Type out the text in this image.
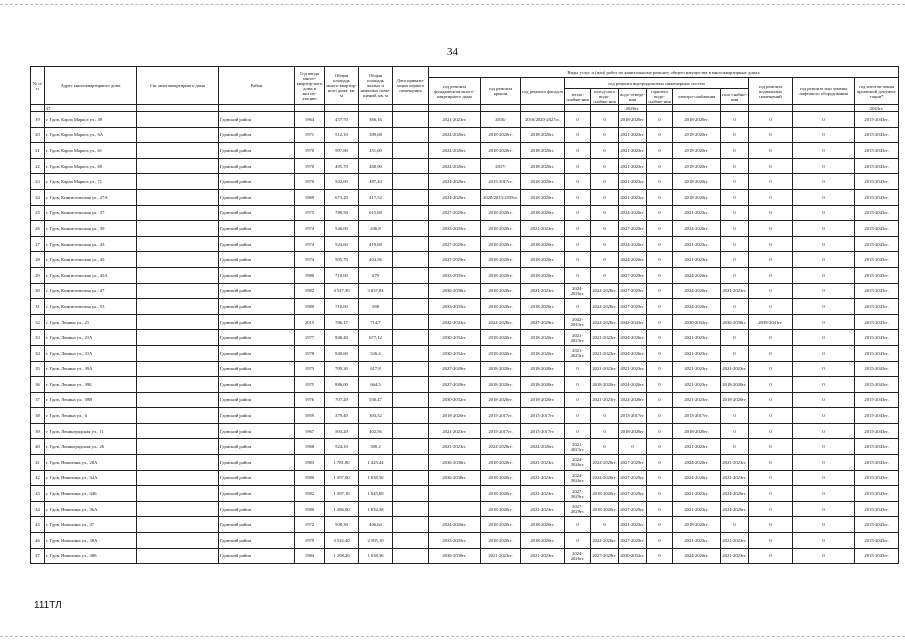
34
№ п/п	Адрес многоквартирного дома	Гис многоквартирного дома	Район	Год ввода много-квартир-ного дома в эксплу-атацию	Общая площадь много-квартир-ного дома, кв. м	Общая площадь жилых и нежилых поме-щений, кв. м	Дата привати-зации первого помещения	Виды услуг и (или) работ по капитальному ремонту общего имущества в многоквартирных домах											
								год ремонта фундаментов много-квартирного дома	год ремонта крыши	год ремонта фасадов	год ремонта внутридомовых инженерных систем						год ремонта подвальных помещений	год ремонта или замены лифтового оборудования	год изготов-ления проектной докумен-тации*
											тепло-снабже-ния	холод-ного водо-снабже-ния	водо-отведе-ния	горячего водо-снабже-ния	электро-снабжения	газо-снабже-ния			
	47												2020гг.						2043гг.
19	г. Гдов, Карла Маркса ул., 49		Гдовский район	1964	457,70	366,16		2021-2023гг.	2016/	2016/2020-2027гг.	0	0	2018-2020гг.	0	2018-2020гг.	0	0	0	2015-2043гг.
20	г. Гдов, Карла Маркса ул., 6А		Гдовский район	1971	512,10	309,68		2024-2026гг.	2018-2020гг.	2018-2020гг.	0	0	2021-2023гг.	0	2018-2020гг.	0	0	0	2015-2043гг.
21	г. Гдов, Карла Маркса ул., 61		Гдовский район	1970	507,80	451,60		2024-2026гг.	2018-2020гг.	2018-2020гг.	0	0	2021-2023гг.	0	2018-2020гг.	0	0	0	2015-2043гг.
22	г. Гдов, Карла Маркса ул., 69		Гдовский район	1970	495,70	468,90		2024-2026гг.	2017/	2018-2020гг.	0	0	2021-2023гг.	0	2018-2020гг.	0	0	0	2015-2043гг.
23	г. Гдов, Карла Маркса ул., 71		Гдовский район	1970	502,00	487,43		2024-2026гг.	2015-2017гг.	2018-2020гг.	0	0	2021-2023гг.	0	2018-2020гг.	0	0	0	2015-2043гг.
24	г. Гдов, Кингисеппская ул., 27А		Гдовский район	1969	673,20	417,52		2024-2026гг.	2020/2033-2035гг.	2018-2020гг.	0	0	2021-2023гг.	0	2018-2020гг.	0	0	0	2015-2043гг.
25	г. Гдов, Кингисеппская ул., 37		Гдовский район	1975	789,50	615,68		2027-2029гг.	2018-2020гг.	2018-2020гг.	0	0	2024-2026гг.	0	2021-2023гг.	0	0	0	2015-2043гг.
26	г. Гдов, Кингисеппская ул., 39		Гдовский район	1974	546,00	436,8		2033-2035гг.	2018-2020гг.	2021-2023гг.	0	0	2027-2029гг.	0	2024-2026гг.	0	0	0	2015-2043гг.
27	г. Гдов, Кингисеппская ул., 43		Гдовский район	1974	524,60	419,68		2027-2029гг.	2018-2020гг.	2018-2020гг.	0	0	2024-2026гг.	0	2021-2023гг.	0	0	0	2015-2043гг.
28	г. Гдов, Кингисеппская ул., 45		Гдовский район	1974	505,70	404,56		2027-2029гг.	2018-2020гг.	2018-2020гг.	0	0	2024-2026гг.	0	2021-2023гг.	0	0	0	2015-2043гг.
29	г. Гдов, Кингисеппская ул., 45А		Гдовский район	1980	710,00	679		2033-2035гг.	2018-2020гг.	2018-2020гг.	0	0	2027-2029гг.	0	2024-2026гг.	0	0	0	2015-2043гг.
30	г. Гдов, Кингисеппская ул., 47		Гдовский район	1982	4 547,30	3 637,84		2036-2038гг.	2018-2020гг.	2021-2023гг.	2024-2026гг.	2024-2026гг.	2027-2029гг.	0	2024-2026гг.	2021-2023гг.	0	0	2015-2043гг.
31	г. Гдов, Кингисеппская ул., 53		Гдовский район	1980	710,00	568		2033-2035гг.	2018-2020гг.	2018-2020гг.	0	2024-2026гг.	2027-2029гг.	0	2024-2026гг.	0	0	0	2015-2043гг.
32	г. Гдов, Ленина ул., 21		Гдовский район	2015	786,17	714,7		2042-2043гг.	2024-2026гг.	2027-2029гг.	2042-2043гг.	2024-2026гг.	2042-2043гг.	0	2030-2032гг.	2036-2038гг.	2039-2041гг.	0	2015-2043гг.
33	г. Гдов, Ленина ул., 21А		Гдовский район	1977	846,40	677,12		2030-2032гг.	2018-2020гг.	2018-2020гг.	2021-2023гг.	2021-2023гг.	2024-2026гг.	0	2021-2023гг.	0	0	0	2015-2043гг.
34	г. Гдов, Ленина ул., 31А		Гдовский район	1978	840,60	526,4		2030-2032гг.	2018-2020гг.	2018-2020гг.	2021-2023гг.	2021-2023гг.	2024-2026гг.	0	2021-2023гг.	0	0	0	2015-2043гг.
35	г. Гдов, Ленина ул., 39А		Гдовский район	1973	709,30	617,8		2027-2029гг.	2018-2020гг.	2018-2020гг.	0	2021-2023гг.	2021-2023гг.	0	2021-2023гг.	2021-2023гг.	0	0	2015-2043гг.
36	г. Гдов, Ленина ул., 39Б		Гдовский район	1975	886,00	664,5		2027-2029гг.	2018-2020гг.	2018-2020гг.	0	2018-2020гг.	2024-2026гг.	0	2021-2023гг.	2018-2020гг.	0	0	2015-2043гг.
37	г. Гдов, Ленина ул., 39В		Гдовский район	1976	707,20	530,47		2030-2032гг.	2018-2020гг.	2018-2020гг.	0	2021-2023гг.	2024-2026гг.	0	2021-2023гг.	2018-2020гг.	0	0	2015-2043гг.
38	г. Гдов, Ленина ул., 6		Гдовский район	1959	379,40	303,52		2018-2020гг.	2015-2017гг.	2015-2017гг.	0	0	2015-2017гг.	0	2015-2017гг.	0	0	0	2015-2043гг.
39	г. Гдов, Ленинградская ул., 11		Гдовский район	1967	503,20	402,56		2021-2023гг.	2015-2017гг.	2015-2017гг.	0	0	2018-2020гг.	0	2018-2020гг.	0	0	0	2015-2043гг.
40	г. Гдов, Ленинградская ул., 26		Гдовский район	1968	524,10	500,2		2021-2023гг.	2024-2026гг.	2024-2026гг.	2021-2023гг.	0	0	0	2021-2023гг.	0	0	0	2015-2043гг.
41	г. Гдов, Никитина ул., 28А		Гдовский район	1983	1 781,80	1 425,44		2036-2038гг.	2018-2020гг.	2021-2023гг.	2024-2026гг.	2024-2026гг.	2027-2029гг.	0	2024-2026гг.	2021-2023гг.	0	0	2015-2043гг.
42	г. Гдов, Никитина ул., 34А		Гдовский район	1980	1 297,00	1 038,56		2036-2038гг.	2018-2020гг.	2021-2023гг.	2024-2026гг.	2024-2026гг.	2027-2029гг.	0	2024-2026гг.	2021-2023гг.	0	0	2015-2043гг.
43	г. Гдов, Никитина ул., 34Б		Гдовский район	1982	1 307,10	1 045,68			2018-2020гг.	2021-2023гг.	2027-2029гг.	2018-2020гг.	2027-2029гг.	0	2021-2023гг.	2024-2026гг.	0	0	2015-2043гг.
44	г. Гдов, Никитина ул., 36А		Гдовский район	1980	1 286,00	1 032,38			2018-2020гг.	2021-2023гг.	2027-2029гг.	2018-2020гг.	2027-2029гг.	0	2021-2023гг.	2024-2026гг.	0	0	2015-2043гг.
45	г. Гдов, Никитина ул., 37		Гдовский район	1972	508,30	406,64		2024-2026гг.	2018-2020гг.	2018-2020гг.	0	0	2021-2023гг.	0	2018-2020гг.	0	0	0	2015-2043гг.
46	г. Гдов, Никитина ул., 38А		Гдовский район	1979	4 522,40	2 505,10		2033-2035гг.	2018-2020гг.	2018-2020гг.	0	2024-2026гг.	2027-2029гг.	0	2021-2023гг.	2021-2023гг.	0	0	2015-2043гг.
47	г. Гдов, Никитина ул., 38Б		Гдовский район	1984	1 298,20	1 038,56		2036-2038гг.	2021-2023гг.	2021-2023гг.	2024-2026гг.	2027-2029гг.	2030-2032гг.	0	2024-2026гг.	2021-2023гг.	0	0	2015-2043гг.
111ТЛ
